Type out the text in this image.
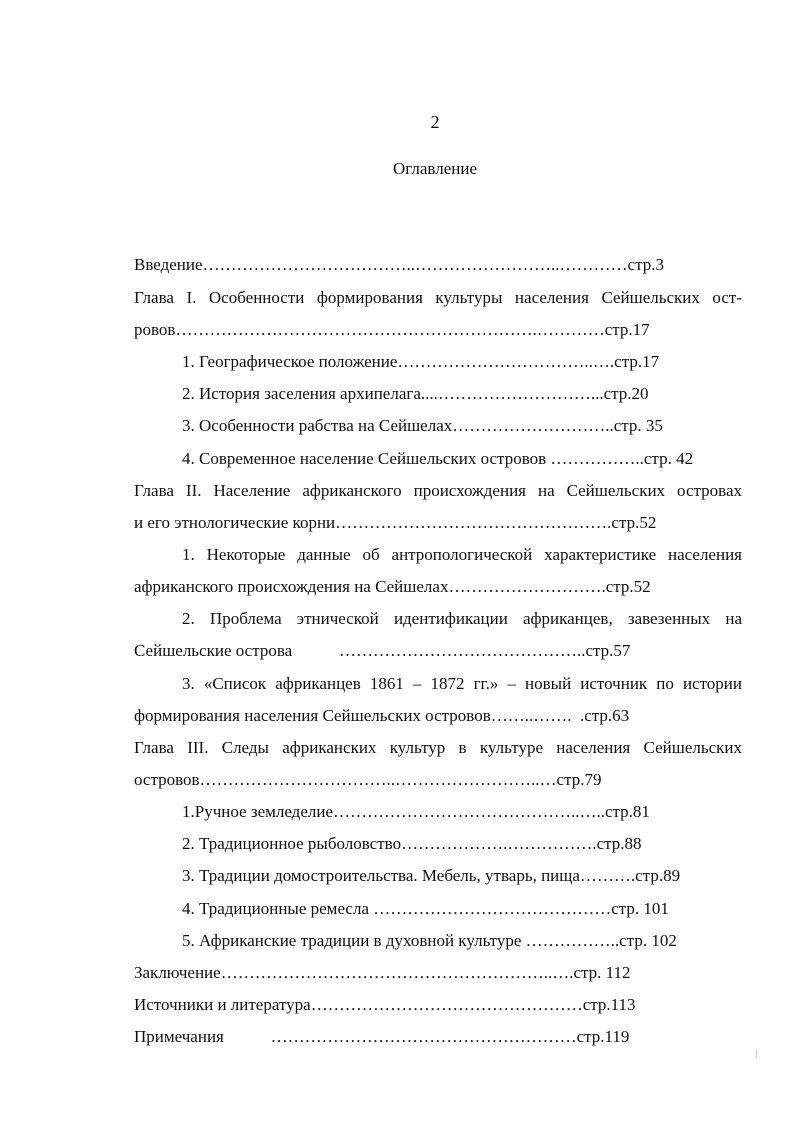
2
Оглавление

Введение………………………………..……………………..…………стр.3

Глава I. Особенности формирования культуры населения Сейшельских ост-

ровов……………………………………………………….…………стр.17

1. Географическое положение……………………………..….стр.17

2. История заселения архипелага....………………………...стр.20

3. Особенности рабства на Сейшелах………………………..стр. 35

4. Современное население Сейшельских островов ……………..стр. 42

Глава II. Население африканского происхождения на Сейшельских островах

и его этнологические корни………………………………………….стр.52

1. Некоторые данные об антропологической характеристике населения

африканского происхождения на Сейшелах……………………….стр.52

2. Проблема этнической идентификации африканцев, завезенных на

Сейшельские острова           ……………………………………..стр.57

3. «Список африканцев 1861 – 1872 гг.» – новый источник по истории

формирования населения Сейшельских островов……..…….  .стр.63

Глава III. Следы африканских культур в культуре населения Сейшельских

островов……………………………..……………………..…стр.79

1.Ручное земледелие……………………………………..…..стр.81

2. Традиционное рыболовство……………….…………….стр.88

3. Традиции домостроительства. Мебель, утварь, пища……….стр.89

4. Традиционные ремесла ……………………………………стр. 101

5. Африканские традиции в духовной культуре ……………..стр. 102

Заключение…………………………………………………..….стр. 112

Источники и литература…………………………………………стр.113

Примечания           ………………………………………………стр.119
